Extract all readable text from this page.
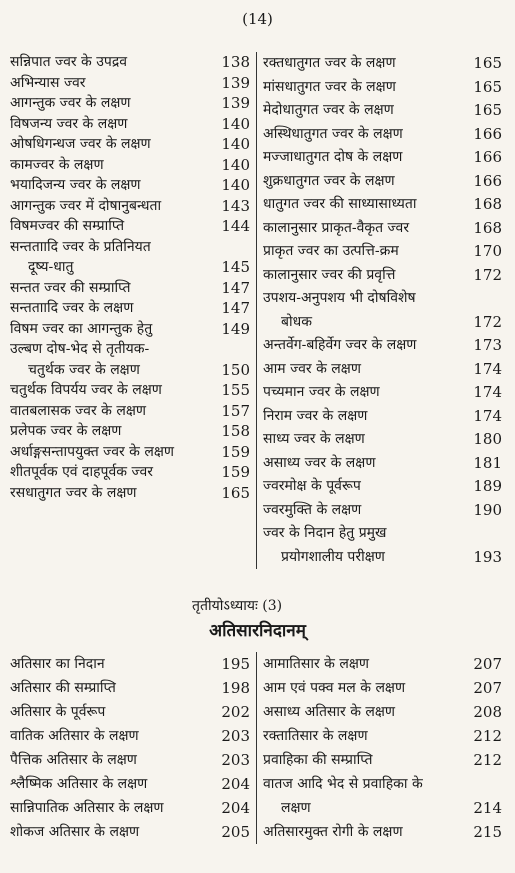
(14)
सन्निपात ज्वर के उपद्रव	138
अभिन्यास ज्वर	139
आगन्तुक ज्वर के लक्षण	139
विषजन्य ज्वर के लक्षण	140
ओषधिगन्धज ज्वर के लक्षण	140
कामज्वर के लक्षण	140
भयादिजन्य ज्वर के लक्षण	140
आगन्तुक ज्वर में दोषानुबन्धता	143
विषमज्वर की सम्प्राप्ति	144
सन्तताादि ज्वर के प्रतिनियत
दूष्य-धातु	145
सन्तत ज्वर की सम्प्राप्ति	147
सन्तताादि ज्वर के लक्षण	147
विषम ज्वर का आगन्तुक हेतु	149
उल्बण दोष-भेद से तृतीयक-
चतुर्थक ज्वर के लक्षण	150
चतुर्थक विपर्यय ज्वर के लक्षण	155
वातबलासक ज्वर के लक्षण	157
प्रलेपक ज्वर के लक्षण	158
अर्धाङ्गसन्तापयुक्त ज्वर के लक्षण	159
शीतपूर्वक एवं दाहपूर्वक ज्वर	159
रसधातुगत ज्वर के लक्षण	165
रक्तधातुगत ज्वर के लक्षण	165
मांसधातुगत ज्वर के लक्षण	165
मेदोधातुगत ज्वर के लक्षण	165
अस्थिधातुगत ज्वर के लक्षण	166
मज्जाधातुगत दोष के लक्षण	166
शुक्रधातुगत ज्वर के लक्षण	166
धातुगत ज्वर की साध्यासाध्यता	168
कालानुसार प्राकृत-वैकृत ज्वर	168
प्राकृत ज्वर का उत्पत्ति-क्रम	170
कालानुसार ज्वर की प्रवृत्ति	172
उपशय-अनुपशय भी दोषविशेष
बोधक	172
अन्तर्वेग-बहिर्वेग ज्वर के लक्षण	173
आम ज्वर के लक्षण	174
पच्यमान ज्वर के लक्षण	174
निराम ज्वर के लक्षण	174
साध्य ज्वर के लक्षण	180
असाध्य ज्वर के लक्षण	181
ज्वरमोक्ष के पूर्वरूप	189
ज्वरमुक्ति के लक्षण	190
ज्वर के निदान हेतु प्रमुख
प्रयोगशालीय परीक्षण	193
तृतीयोऽध्यायः (3)
अतिसारनिदानम्
अतिसार का निदान	195
अतिसार की सम्प्राप्ति	198
अतिसार के पूर्वरूप	202
वातिक अतिसार के लक्षण	203
पैत्तिक अतिसार के लक्षण	203
श्लैष्मिक अतिसार के लक्षण	204
सान्निपातिक अतिसार के लक्षण	204
शोकज अतिसार के लक्षण	205
आमातिसार के लक्षण	207
आम एवं पक्व मल के लक्षण	207
असाध्य अतिसार के लक्षण	208
रक्तातिसार के लक्षण	212
प्रवाहिका की सम्प्राप्ति	212
वातज आदि भेद से प्रवाहिका के
लक्षण	214
अतिसारमुक्त रोगी के लक्षण	215
